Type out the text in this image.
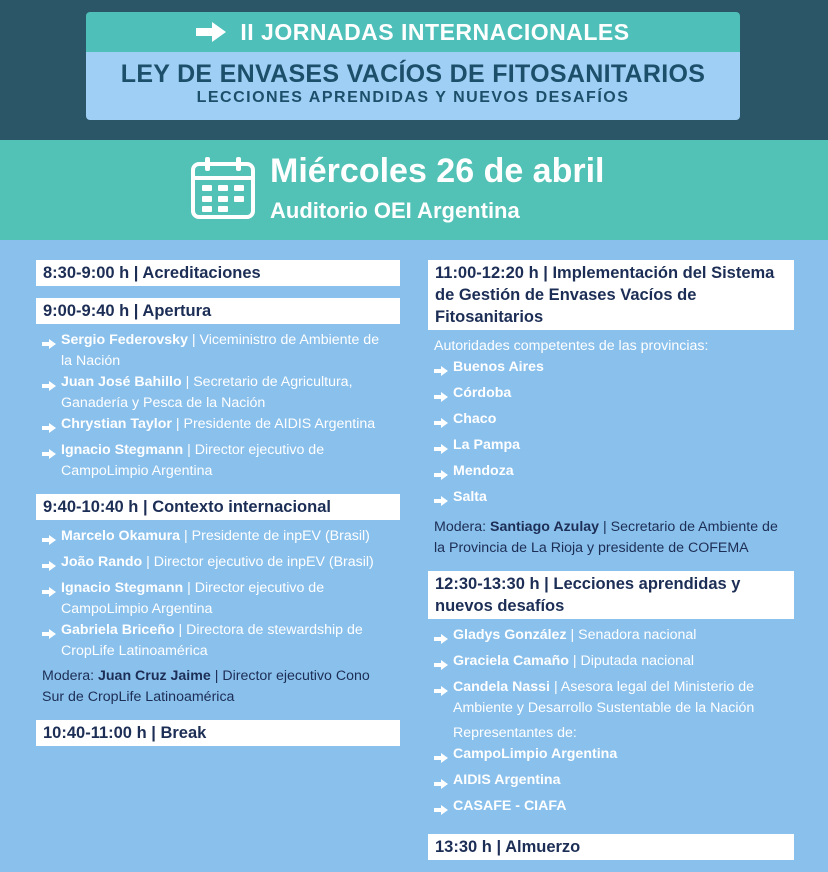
II JORNADAS INTERNACIONALES
LEY DE ENVASES VACÍOS DE FITOSANITARIOS
LECCIONES APRENDIDAS Y NUEVOS DESAFÍOS
Miércoles 26 de abril
Auditorio OEI Argentina
8:30-9:00 h | Acreditaciones
9:00-9:40 h | Apertura
Sergio Federovsky | Viceministro de Ambiente de la Nación
Juan José Bahillo | Secretario de Agricultura, Ganadería y Pesca de la Nación
Chrystian Taylor | Presidente de AIDIS Argentina
Ignacio Stegmann | Director ejecutivo de CampoLimpio Argentina
9:40-10:40 h | Contexto internacional
Marcelo Okamura | Presidente de inpEV (Brasil)
João Rando | Director ejecutivo de inpEV (Brasil)
Ignacio Stegmann | Director ejecutivo de CampoLimpio Argentina
Gabriela Briceño | Directora de stewardship de CropLife Latinoamérica
Modera: Juan Cruz Jaime | Director ejecutivo Cono Sur de CropLife Latinoamérica
10:40-11:00 h | Break
11:00-12:20 h | Implementación del Sistema de Gestión de Envases Vacíos de Fitosanitarios
Autoridades competentes de las provincias:
Buenos Aires
Córdoba
Chaco
La Pampa
Mendoza
Salta
Modera: Santiago Azulay | Secretario de Ambiente de la Provincia de La Rioja y presidente de COFEMA
12:30-13:30 h | Lecciones aprendidas y nuevos desafíos
Gladys González | Senadora nacional
Graciela Camaño | Diputada nacional
Candela Nassi | Asesora legal del Ministerio de Ambiente y Desarrollo Sustentable de la Nación
Representantes de:
CampoLimpio Argentina
AIDIS Argentina
CASAFE - CIAFA
13:30 h | Almuerzo
